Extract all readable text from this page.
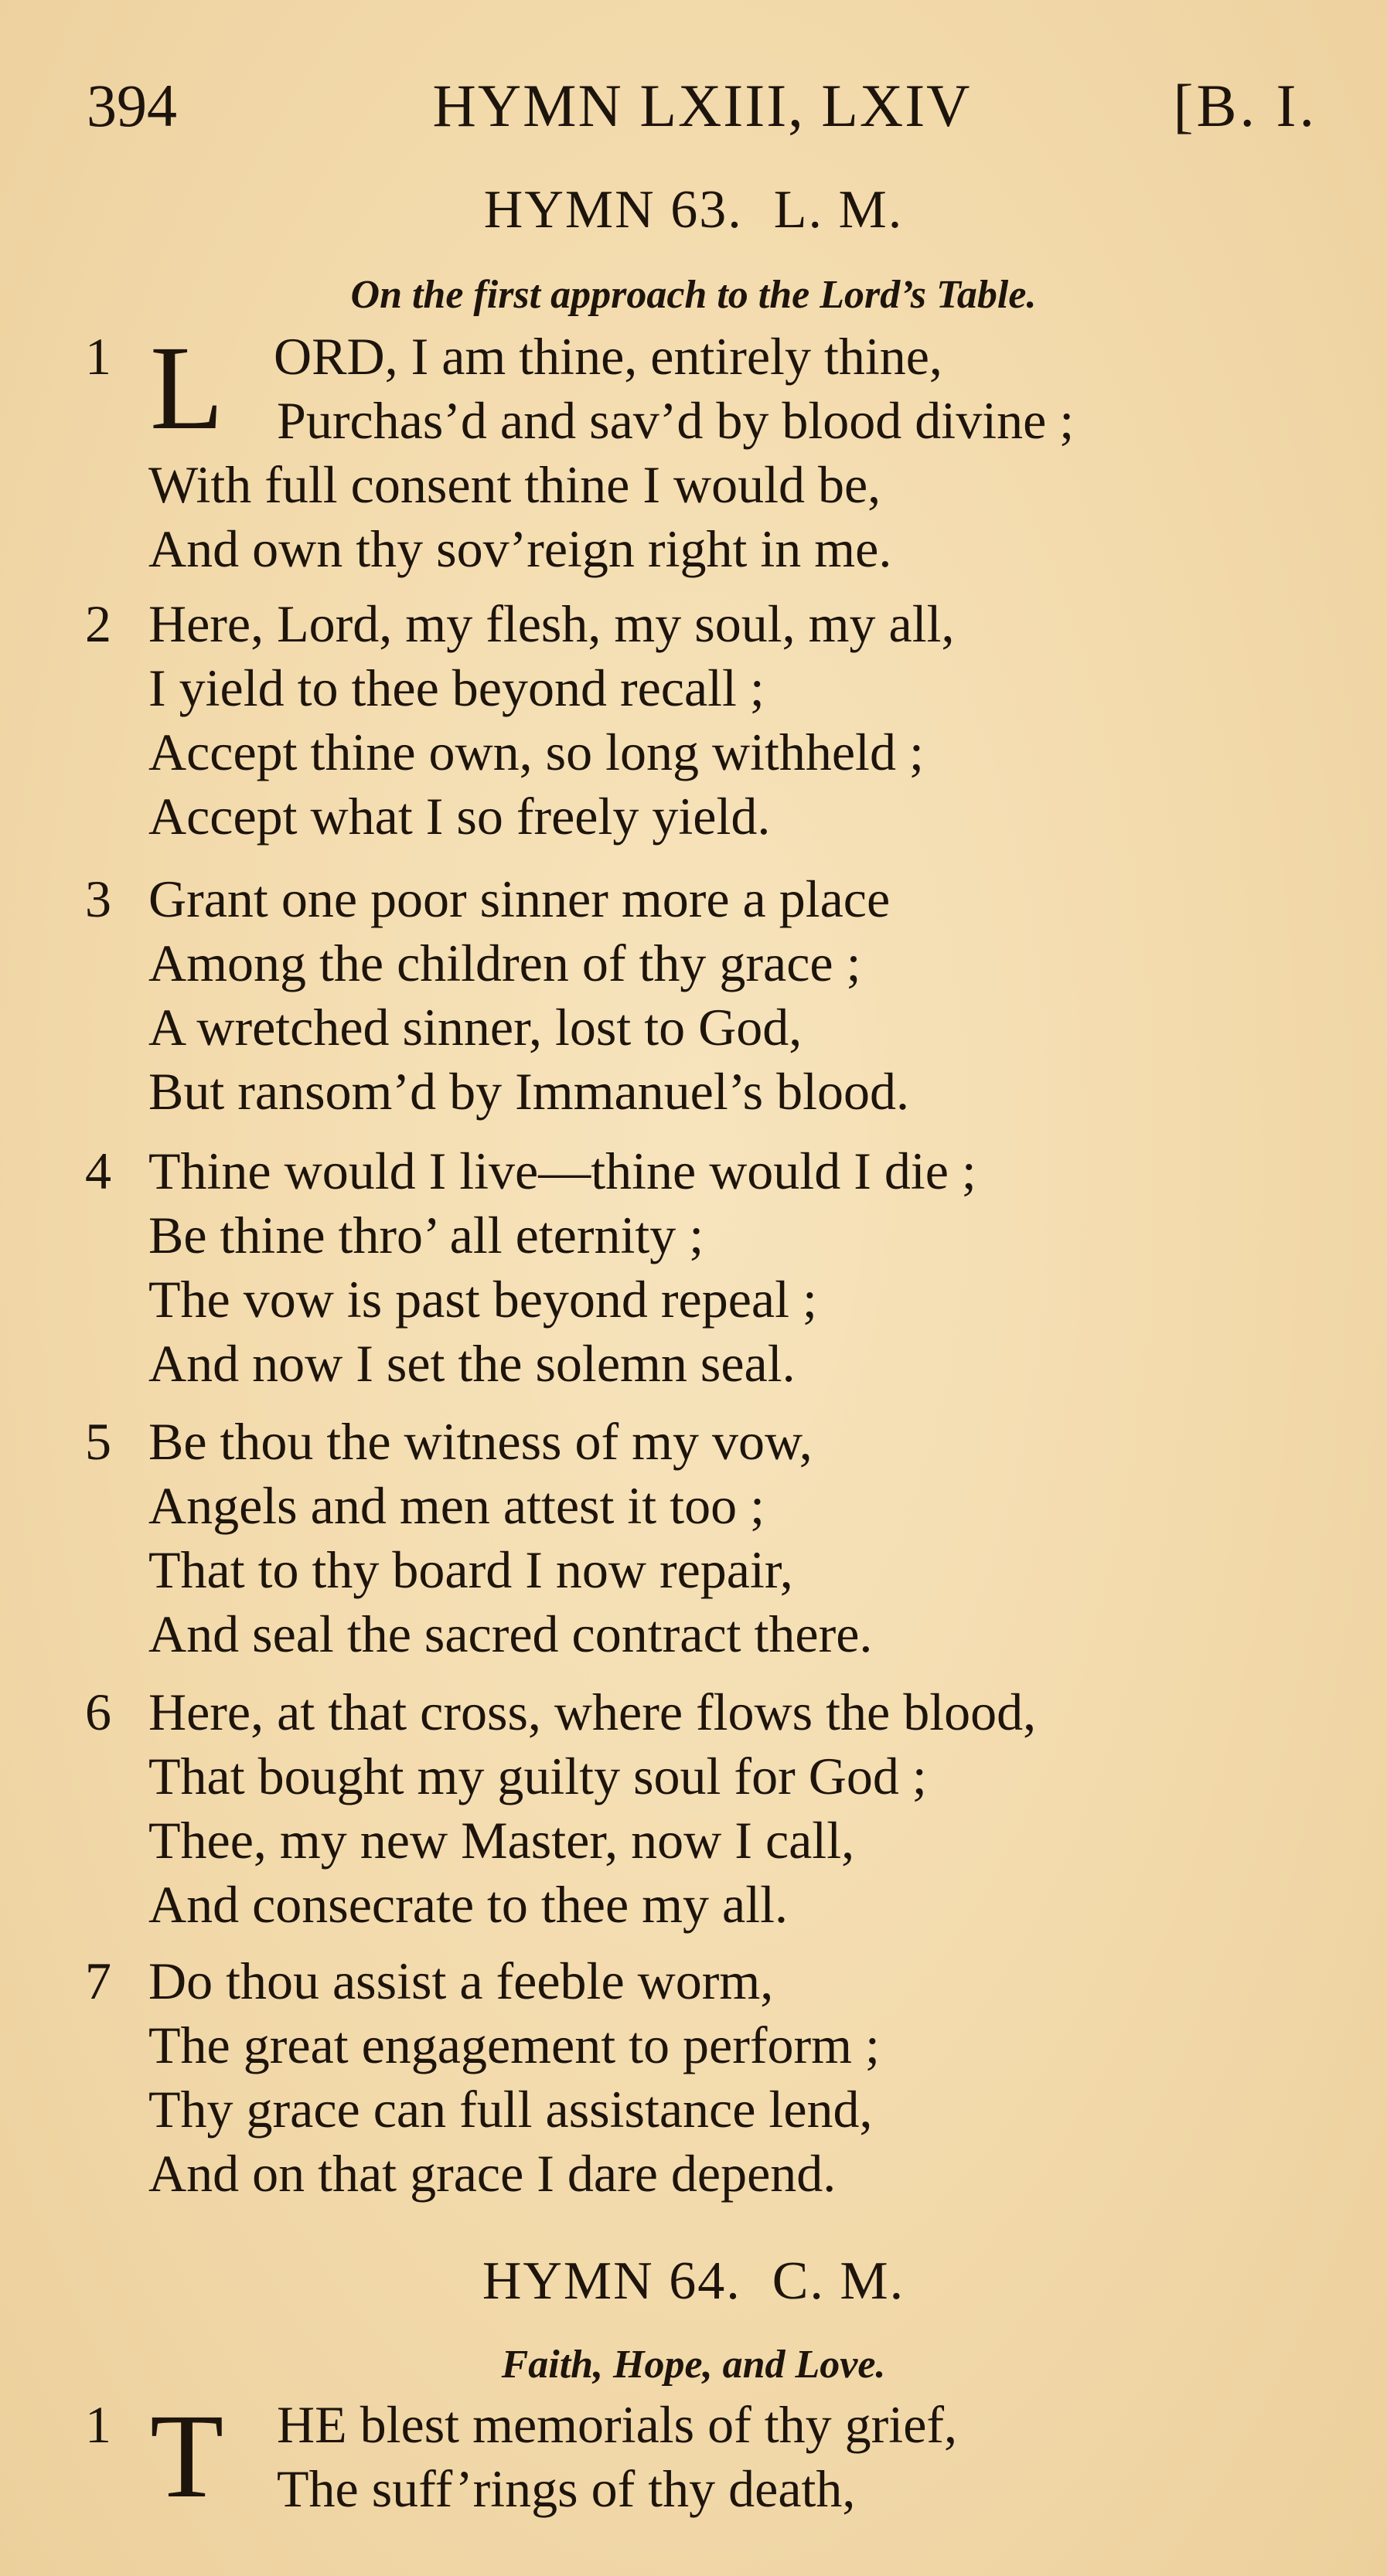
394	HYMN LXIII, LXIV	[B. I.
HYMN 63. L. M.
On the first approach to the Lord’s Table.
1 L ORD, I am thine, entirely thine,
Purchas’d and sav’d by blood divine ;
With full consent thine I would be,
And own thy sov’reign right in me.
2 Here, Lord, my flesh, my soul, my all,
I yield to thee beyond recall ;
Accept thine own, so long withheld ;
Accept what I so freely yield.
3 Grant one poor sinner more a place
Among the children of thy grace ;
A wretched sinner, lost to God,
But ransom’d by Immanuel’s blood.
4 Thine would I live—thine would I die ;
Be thine thro’ all eternity ;
The vow is past beyond repeal ;
And now I set the solemn seal.
5 Be thou the witness of my vow,
Angels and men attest it too ;
That to thy board I now repair,
And seal the sacred contract there.
6 Here, at that cross, where flows the blood,
That bought my guilty soul for God ;
Thee, my new Master, now I call,
And consecrate to thee my all.
7 Do thou assist a feeble worm,
The great engagement to perform ;
Thy grace can full assistance lend,
And on that grace I dare depend.
HYMN 64. C. M.
Faith, Hope, and Love.
1 T	HE blest memorials of thy grief,
The suff’rings of thy death,
